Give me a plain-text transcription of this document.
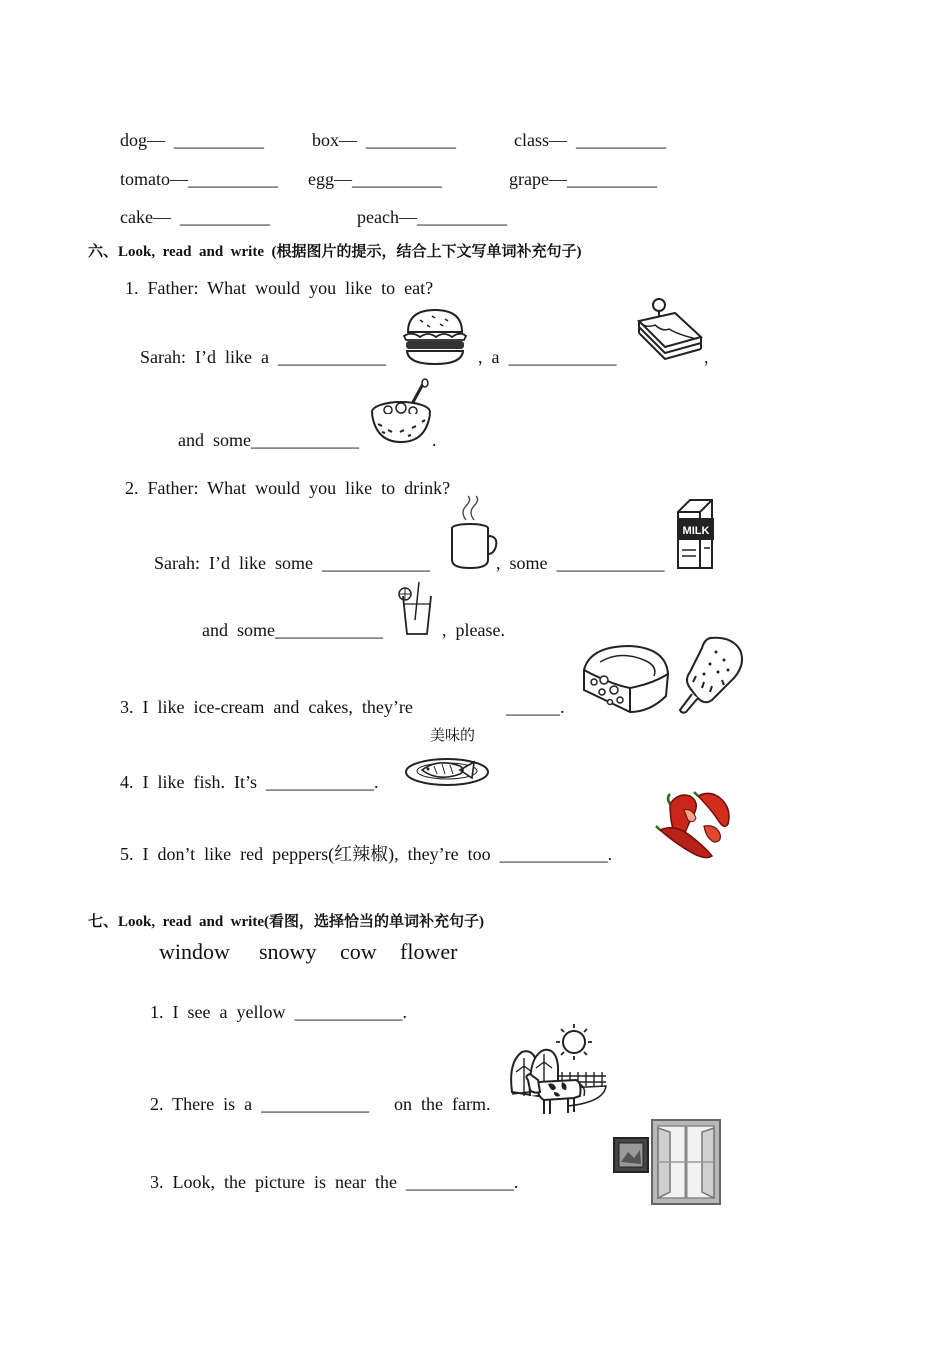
dog—  __________	box—  __________	class—  __________
tomato—__________ egg—__________	grape—__________
cake—  __________	peach—__________
六、Look,  read  and  write  (根据图片的提示，结合上下文写单词补充句子)
1.  Father:  What  would  you  like  to  eat?
Sarah:  I’d  like  a  ____________	,  a  ____________	,
and  some____________	.
2.  Father:  What  would  you  like  to  drink?
Sarah:  I’d  like  some  ____________	,  some  ____________
and  some____________	,  please.
MILK
3.  I  like  ice-cream  and  cakes,  they’re	______.
美味的
4.  I  like  fish.  It’s  ____________.
5.  I  don’t  like  red  peppers(红辣椒),  they’re  too  ____________.
七、Look,  read  and  write(看图，选择恰当的单词补充句子)
window snowy cow flower
1.  I  see  a  yellow  ____________.
2.  There  is  a  ____________ on  the  farm.
3.  Look,  the  picture  is  near  the  ____________.
